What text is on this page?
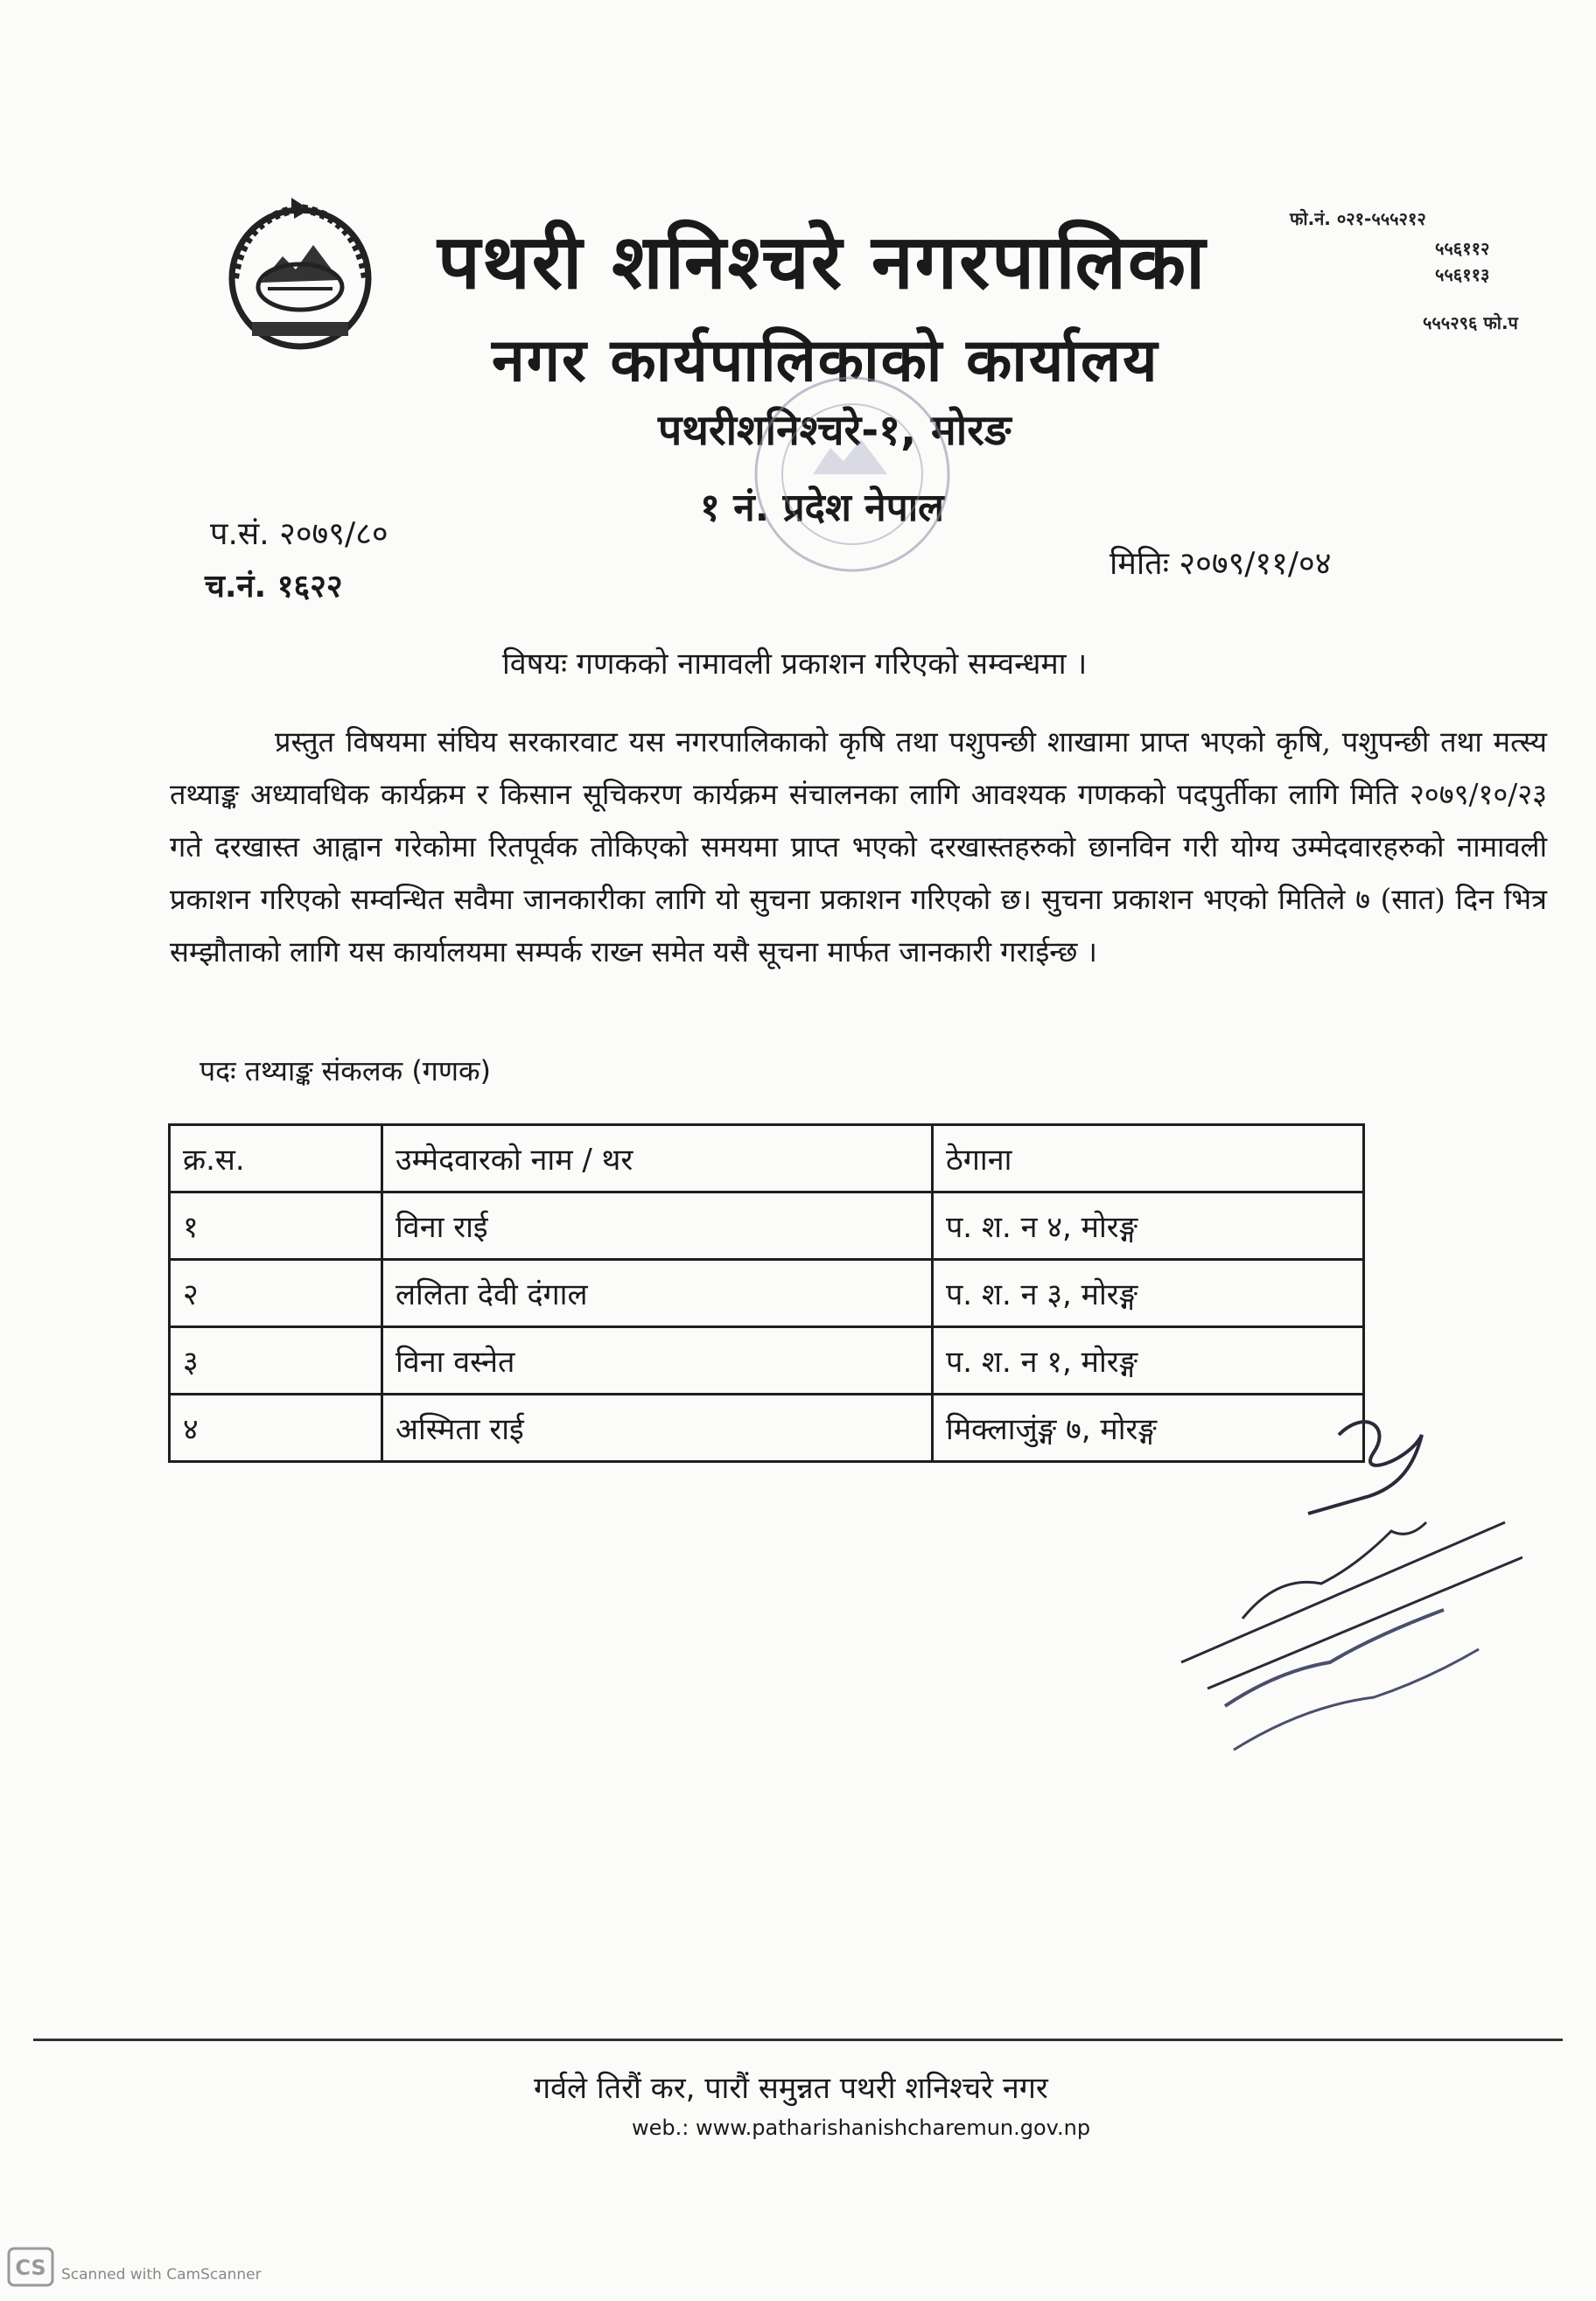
पथरी शनिश्चरे नगरपालिका
नगर कार्यपालिकाको कार्यालय
पथरीशनिश्चरे-१, मोरङ
१ नं. प्रदेश नेपाल
फो.नं. ०२१-५५५२१२
५५६११२
५५६११३
५५५२९६ फो.प
प.सं. २०७९/८०
च.नं. १६२२
मितिः २०७९/११/०४
विषयः गणकको नामावली प्रकाशन गरिएको सम्वन्धमा ।
प्रस्तुत विषयमा संघिय सरकारवाट यस नगरपालिकाको कृषि तथा पशुपन्छी शाखामा प्राप्त भएको कृषि, पशुपन्छी तथा मत्स्य तथ्याङ्क अध्यावधिक कार्यक्रम र किसान सूचिकरण कार्यक्रम संचालनका लागि आवश्यक गणकको पदपुर्तीका लागि मिति २०७९/१०/२३ गते दरखास्त आह्वान गरेकोमा रितपूर्वक तोकिएको समयमा प्राप्त भएको दरखास्तहरुको छानविन गरी योग्य उम्मेदवारहरुको नामावली प्रकाशन गरिएको सम्वन्धित सवैमा जानकारीका लागि यो सुचना प्रकाशन गरिएको छ। सुचना प्रकाशन भएको मितिले ७ (सात) दिन भित्र सम्झौताको लागि यस कार्यालयमा सम्पर्क राख्न समेत यसै सूचना मार्फत जानकारी गराईन्छ ।
पदः तथ्याङ्क संकलक (गणक)
क्र.स.	उम्मेदवारको नाम / थर	ठेगाना
१	विना राई	प. श. न ४, मोरङ्ग
२	ललिता देवी दंगाल	प. श. न ३, मोरङ्ग
३	विना वस्नेत	प. श. न १, मोरङ्ग
४	अस्मिता राई	मिक्लाजुंङ्ग ७, मोरङ्ग
गर्वले तिरौं कर, पारौं समुन्नत पथरी शनिश्चरे नगर
web.: www.patharishanishcharemun.gov.np
CS Scanned with CamScanner
